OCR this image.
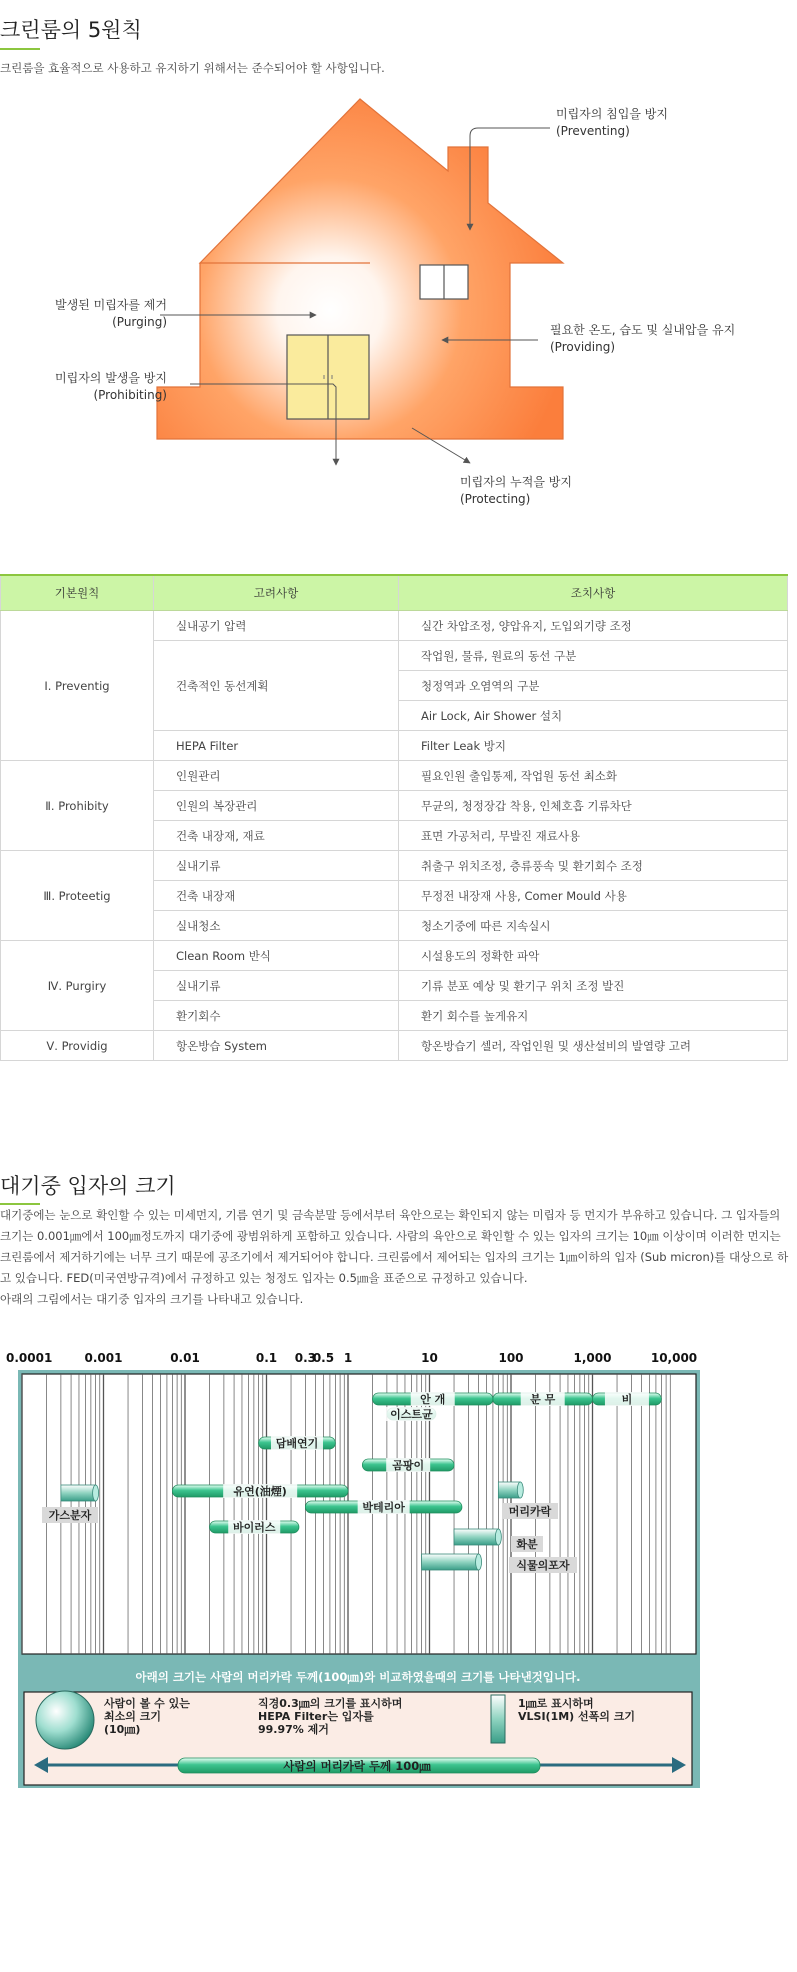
크린룸의 5원칙
크린룸을 효율적으로 사용하고 유지하기 위해서는 준수되어야 할 사항입니다.
미립자의 침입을 방지
(Preventing)
발생된 미립자를 제거
(Purging)
미립자의 발생을 방지
(Prohibiting)
필요한 온도, 습도 및 실내압을 유지
(Providing)
미립자의 누적을 방지
(Protecting)
기본원칙	고려사항	조치사항
Ⅰ. Preventig	실내공기 압력	실간 차압조정, 양압유지, 도입외기량 조정
	건축적인 동선계획	작업원, 물류, 원료의 동선 구분
		청정역과 오염역의 구분
		Air Lock, Air Shower 설치
	HEPA Filter	Filter Leak 방지
Ⅱ. Prohibity	인원관리	필요인원 출입통제, 작업원 동선 최소화
	인원의 복장관리	무균의, 청정장갑 착용, 인체호흡 기류차단
	건축 내장재, 재료	표면 가공처리, 무발진 재료사용
Ⅲ. Proteetig	실내기류	취출구 위치조정, 층류풍속 및 환기회수 조정
	건축 내장재	무정전 내장재 사용, Comer Mould 사용
	실내청소	청소기중에 따른 지속실시
Ⅳ. Purgiry	Clean Room 반식	시설용도의 정확한 파악
	실내기류	기류 분포 예상 및 환기구 위치 조정 발진
	환기회수	환기 회수를 높게유지
Ⅴ. Providig	항온방습 System	항온방습기 셀러, 작업인원 및 생산설비의 발열량 고려
대기중 입자의 크기

대기중에는 눈으로 확인할 수 있는 미세먼지, 기름 연기 및 금속분말 등에서부터 육안으로는 확인되지 않는 미립자 등 먼지가 부유하고 있습니다. 그 입자들의 크기는 0.001㎛에서 100㎛정도까지 대기중에 광범위하게 포함하고 있습니다. 사람의 육안으로 확인할 수 있는 입자의 크기는 10㎛ 이상이며 이러한 먼지는 크린룸에서 제거하기에는 너무 크기 때문에 공조기에서 제거되어야 합니다. 크린룸에서 제어되는 입자의 크기는 1㎛이하의 입자 (Sub micron)를 대상으로 하고 있습니다. FED(미국연방규격)에서 규정하고 있는 청정도 입자는 0.5㎛을 표준으로 규정하고 있습니다.

아래의 그림에서는 대기중 입자의 크기를 나타내고 있습니다.

0.0001	0.001	0.01	0.1 0.3
0.5 1	10	100	1,000	10,000
안 개	분 무	비
이스트균
담배연기
곰팡이
유연(油煙)
박테리아
바이러스
가스분자	머리카락
화분
식물의포자
아래의 크기는 사람의 머리카락 두께(100㎛)와 비교하였을때의 크기를 나타낸것입니다.
사람이 볼 수 있는
최소의 크기
(10㎛)
직경0.3㎛의 크기를 표시하며
HEPA Filter는 입자를
99.97% 제거
1㎛로 표시하며
VLSI(1M) 선폭의 크기
사람의 머리카락 두께 100㎛
